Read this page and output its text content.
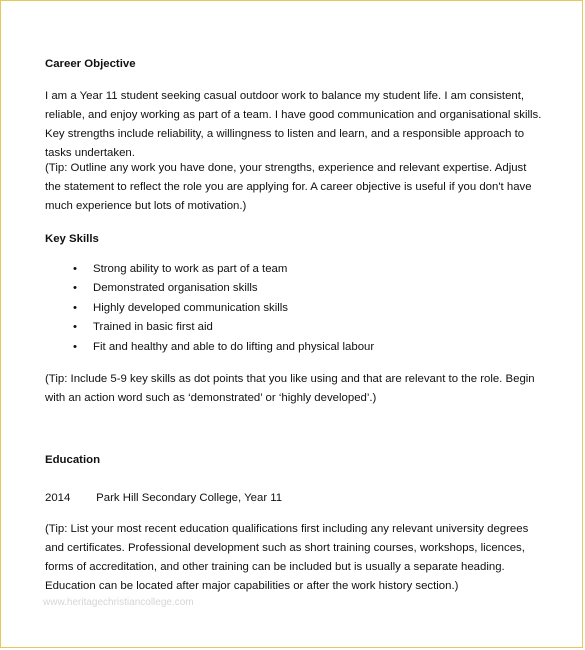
Career Objective

I am a Year 11 student seeking casual outdoor work to balance my student life. I am consistent, reliable, and enjoy working as part of a team. I have good communication and organisational skills. Key strengths include reliability, a willingness to listen and learn, and a responsible approach to tasks undertaken.

(Tip: Outline any work you have done, your strengths, experience and relevant expertise. Adjust the statement to reflect the role you are applying for. A career objective is useful if you don't have much experience but lots of motivation.)

Key Skills
• Strong ability to work as part of a team
• Demonstrated organisation skills
• Highly developed communication skills
• Trained in basic first aid
• Fit and healthy and able to do lifting and physical labour

(Tip: Include 5-9 key skills as dot points that you like using and that are relevant to the role. Begin with an action word such as ‘demonstrated’ or ‘highly developed’.)

Education
2014 Park Hill Secondary College, Year 11

(Tip: List your most recent education qualifications first including any relevant university degrees and certificates. Professional development such as short training courses, workshops, licences, forms of accreditation, and other training can be included but is usually a separate heading. Education can be located after major capabilities or after the work history section.)

www.heritagechristiancollege.com
